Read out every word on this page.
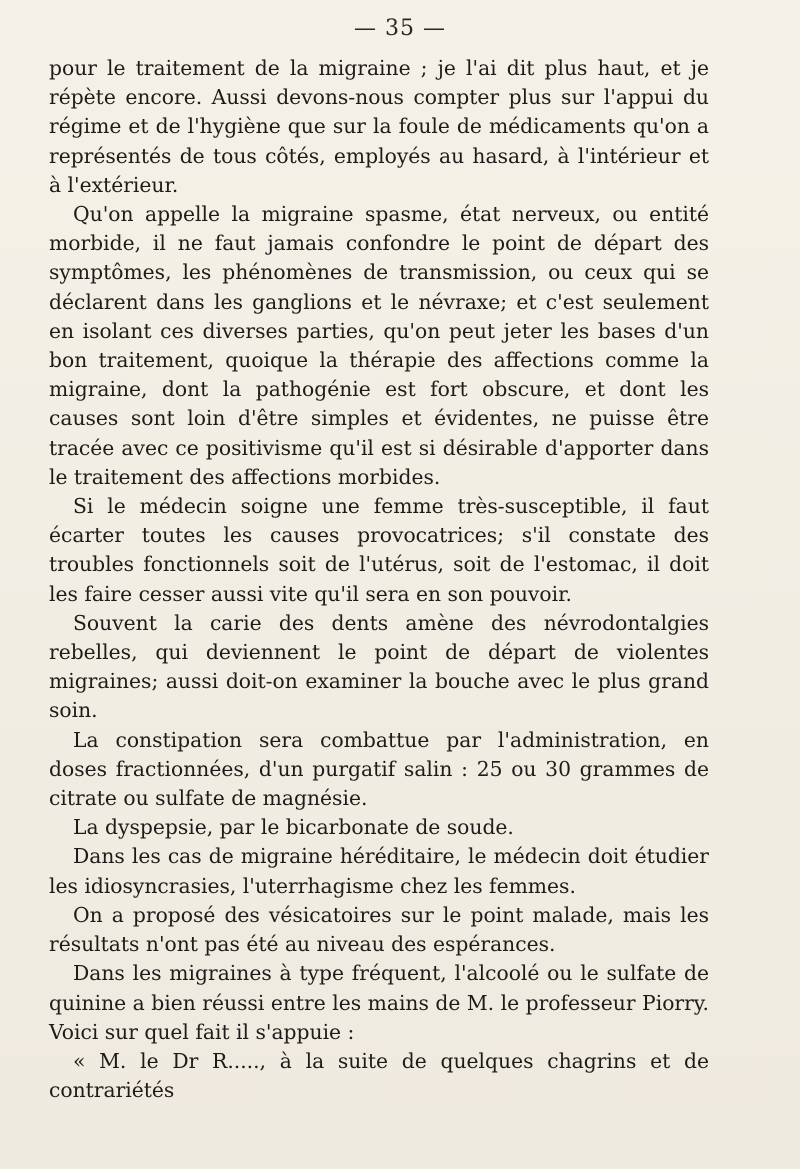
— 35 —

pour le traitement de la migraine ; je l'ai dit plus haut, et je répète encore. Aussi devons-nous compter plus sur l'appui du régime et de l'hygiène que sur la foule de médicaments qu'on a représentés de tous côtés, employés au hasard, à l'intérieur et à l'extérieur.

Qu'on appelle la migraine spasme, état nerveux, ou entité morbide, il ne faut jamais confondre le point de départ des symptômes, les phénomènes de transmission, ou ceux qui se déclarent dans les ganglions et le névraxe; et c'est seulement en isolant ces diverses parties, qu'on peut jeter les bases d'un bon traitement, quoique la thérapie des affections comme la migraine, dont la pathogénie est fort obscure, et dont les causes sont loin d'être simples et évidentes, ne puisse être tracée avec ce positivisme qu'il est si désirable d'apporter dans le traitement des affections morbides.

Si le médecin soigne une femme très-susceptible, il faut écarter toutes les causes provocatrices; s'il constate des troubles fonctionnels soit de l'utérus, soit de l'estomac, il doit les faire cesser aussi vite qu'il sera en son pouvoir.

Souvent la carie des dents amène des névrodontalgies rebelles, qui deviennent le point de départ de violentes migraines; aussi doit-on examiner la bouche avec le plus grand soin.

La constipation sera combattue par l'administration, en doses fractionnées, d'un purgatif salin : 25 ou 30 grammes de citrate ou sulfate de magnésie.

La dyspepsie, par le bicarbonate de soude.

Dans les cas de migraine héréditaire, le médecin doit étudier les idiosyncrasies, l'uterrhagisme chez les femmes.

On a proposé des vésicatoires sur le point malade, mais les résultats n'ont pas été au niveau des espérances.

Dans les migraines à type fréquent, l'alcoolé ou le sulfate de quinine a bien réussi entre les mains de M. le professeur Piorry. Voici sur quel fait il s'appuie :

« M. le Dr R....., à la suite de quelques chagrins et de contrariétés
